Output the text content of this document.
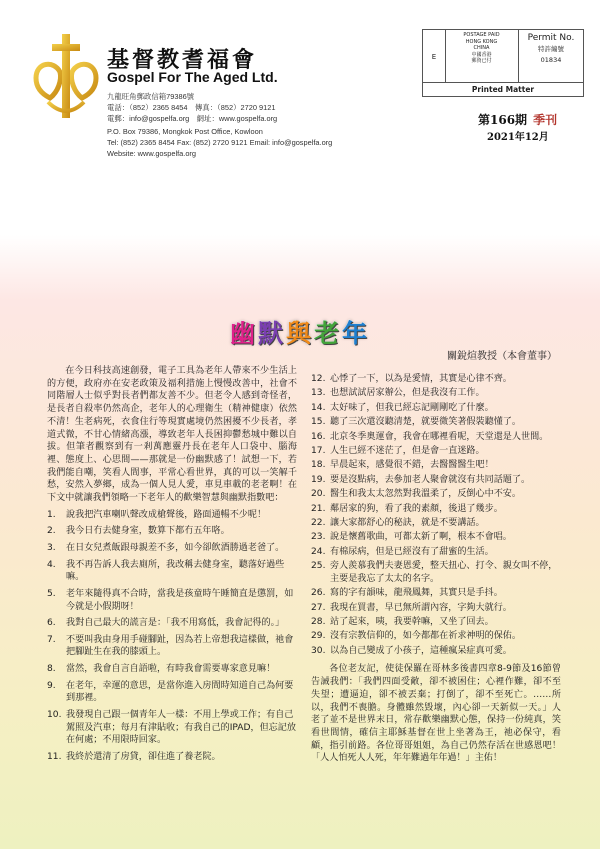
基督教耆福會
Gospel For The Aged Ltd.
九龍旺角郵政信箱79386號
電話：（852）2365 8454　傳真：（852）2720 9121
電郵：info@gospelfa.org　網址：www.gospelfa.org
P.O. Box 79386, Mongkok Post Office, Kowloon
Tel: (852) 2365 8454 Fax: (852) 2720 9121 Email: info@gospelfa.org
Website: www.gospelfa.org
E
POSTAGE PAID
HONG KONG
CHINA
中國香港
郵資已付
Permit No.
特許編號
01834
Printed Matter
第166期 季刊
2021年12月
幽默與老年
關銳煊教授（本會董事）

在今日科技高速創發，電子工具為老年人帶來不少生活上的方便，政府亦在安老政策及福利措施上慢慢改善中，社會不同階層人士似乎對長者們都友善不少。但老令人感到奇怪者，是長者自殺率仍然高企，老年人的心理衛生（精神健康）依然不清！生老病死，衣食住行等現實處境仍然困擾不少長者，孝道式微，不甘心情緒高漲，導致老年人長困抑鬱愁城中難以自拔。但筆者觀察到有一剎萬應靈丹長在老年人口袋中、腦海裡、態度上、心思間——那就是一份幽默感了！試想一下，若我們能自嘲，笑看人間事，平常心看世界，真的可以一笑解千愁，安然入夢鄉，成為一個人見人愛，車見車載的老老啊！在下文中就讓我們領略一下老年人的歡樂智慧與幽默指數吧：

1. 說我把汽車喇叭聲改成槍聲後，路面通暢不少呢！
2. 我今日冇去健身室，數算下都冇五年咯。
3. 在日女兒煮飯跟母親差不多，如今卻飲酒勝過老爸了。
4. 我不再告訴人我去廁所，我改稱去健身室，聽落好過些嘛。
5. 老年來隨得真不合時，當我是孩童時午睡簡直是懲罰，如今就是小假期呀！
6. 我對自己最大的謊言是：「我不用寫低，我會記得的。」
7. 不要叫我由身用手碰腳趾，因為若上帝想我這樣做，祂會把腳趾生在我的膝頭上。
8. 當然，我會自言自語啦，有時我會需要專家意見嘛！
9. 在老年，幸運的意思，是當你進入房間時知道自己為何要到那裡。
10. 我發現自己跟一個青年人一樣：不用上學或工作；有自己駕照及汽車；每月有津貼收；有我自己的IPAD，但忘記放在何處；不用限時回家。
11. 我終於還清了房貸，卻住進了養老院。
12. 心悸了一下，以為是愛情，其實是心律不齊。
13. 也想試試居家辦公，但是我沒有工作。
14. 太好味了，但我已經忘記剛剛吃了什麼。
15. 聽了三次還沒聽清楚，就要微笑著假裝聽懂了。
16. 北京冬季奧運會，我會在哪裡看呢，天堂還是人世間。
17. 人生已經不迷茫了，但是會一直迷路。
18. 早晨起來，感覺很不錯，去醫醫醫生吧！
19. 要是沒點病，去參加老人聚會就沒有共同話題了。
20. 醫生和我太太忽然對我溫柔了，反倒心中不安。
21. 鄰居家的狗，看了我的素顏，後退了幾步。
22. 讓大家都舒心的秘訣，就是不要講話。
23. 說是懷舊歌曲，可都太新了啊，根本不會唱。
24. 有棉尿病，但是已經沒有了甜蜜的生活。
25. 旁人羨慕我們夫妻恩愛，整天扭心、打令、親女叫不停，主要是我忘了太太的名字。
26. 寫的字有韻味，龍飛鳳舞，其實只是手抖。
27. 我現在買書，早已無所謂內容，字夠大就行。
28. 站了起來，咦，我要幹嘛，又坐了回去。
29. 沒有宗教信仰的，如今都都在祈求神明的保佑。
30. 以為自己變成了小孩子，這種瘋呆症真可愛。

各位老友記，使徒保羅在哥林多後書四章8-9節及16節曾告誡我們：「我們四面受敵，卻不被困住；心裡作難，卻不至失望；遭逼迫，卻不被丟棄；打倒了，卻不至死亡。……所以，我們不喪膽。身體雖然毀壞，內心卻一天新似一天。」人老了並不是世界末日，常存歡樂幽默心態，保持一份純真，笑看世間情，確信主耶穌基督在世上坐著為王，祂必保守，看顧，指引前路。各位哥哥姐姐，為自己仍然存活在世感恩吧！「人人怕死人人死，年年難過年年過！」主佑！
